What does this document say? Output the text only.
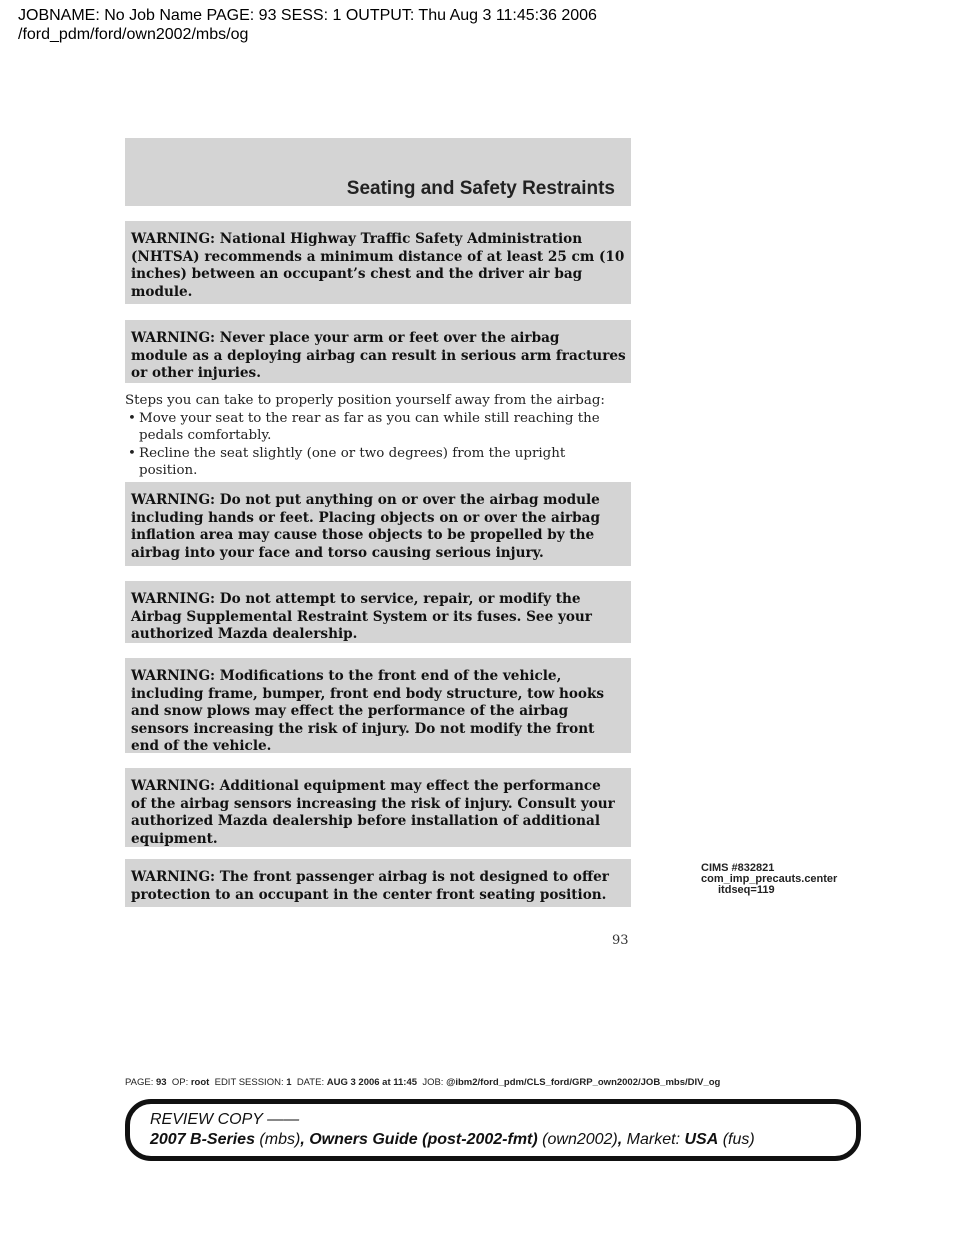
JOBNAME: No Job Name PAGE: 93 SESS: 1 OUTPUT: Thu Aug 3 11:45:36 2006
/ford_pdm/ford/own2002/mbs/og
Seating and Safety Restraints
WARNING: National Highway Traffic Safety Administration
(NHTSA) recommends a minimum distance of at least 25 cm (10
inches) between an occupant’s chest and the driver air bag
module.
WARNING: Never place your arm or feet over the airbag
module as a deploying airbag can result in serious arm fractures
or other injuries.
Steps you can take to properly position yourself away from the airbag:
• Move your seat to the rear as far as you can while still reaching the
pedals comfortably.
• Recline the seat slightly (one or two degrees) from the upright
position.
WARNING: Do not put anything on or over the airbag module
including hands or feet. Placing objects on or over the airbag
inflation area may cause those objects to be propelled by the
airbag into your face and torso causing serious injury.
WARNING: Do not attempt to service, repair, or modify the
Airbag Supplemental Restraint System or its fuses. See your
authorized Mazda dealership.
WARNING: Modifications to the front end of the vehicle,
including frame, bumper, front end body structure, tow hooks
and snow plows may effect the performance of the airbag
sensors increasing the risk of injury. Do not modify the front
end of the vehicle.
WARNING: Additional equipment may effect the performance
of the airbag sensors increasing the risk of injury. Consult your
authorized Mazda dealership before installation of additional
equipment.
WARNING: The front passenger airbag is not designed to offer
protection to an occupant in the center front seating position.
CIMS #832821
com_imp_precauts.center
itdseq=119
93
PAGE: 93 OP: root EDIT SESSION: 1 DATE: AUG 3 2006 at 11:45 JOB: @ibm2/ford_pdm/CLS_ford/GRP_own2002/JOB_mbs/DIV_og
REVIEW COPY ——
2007 B-Series (mbs), Owners Guide (post-2002-fmt) (own2002), Market: USA (fus)
